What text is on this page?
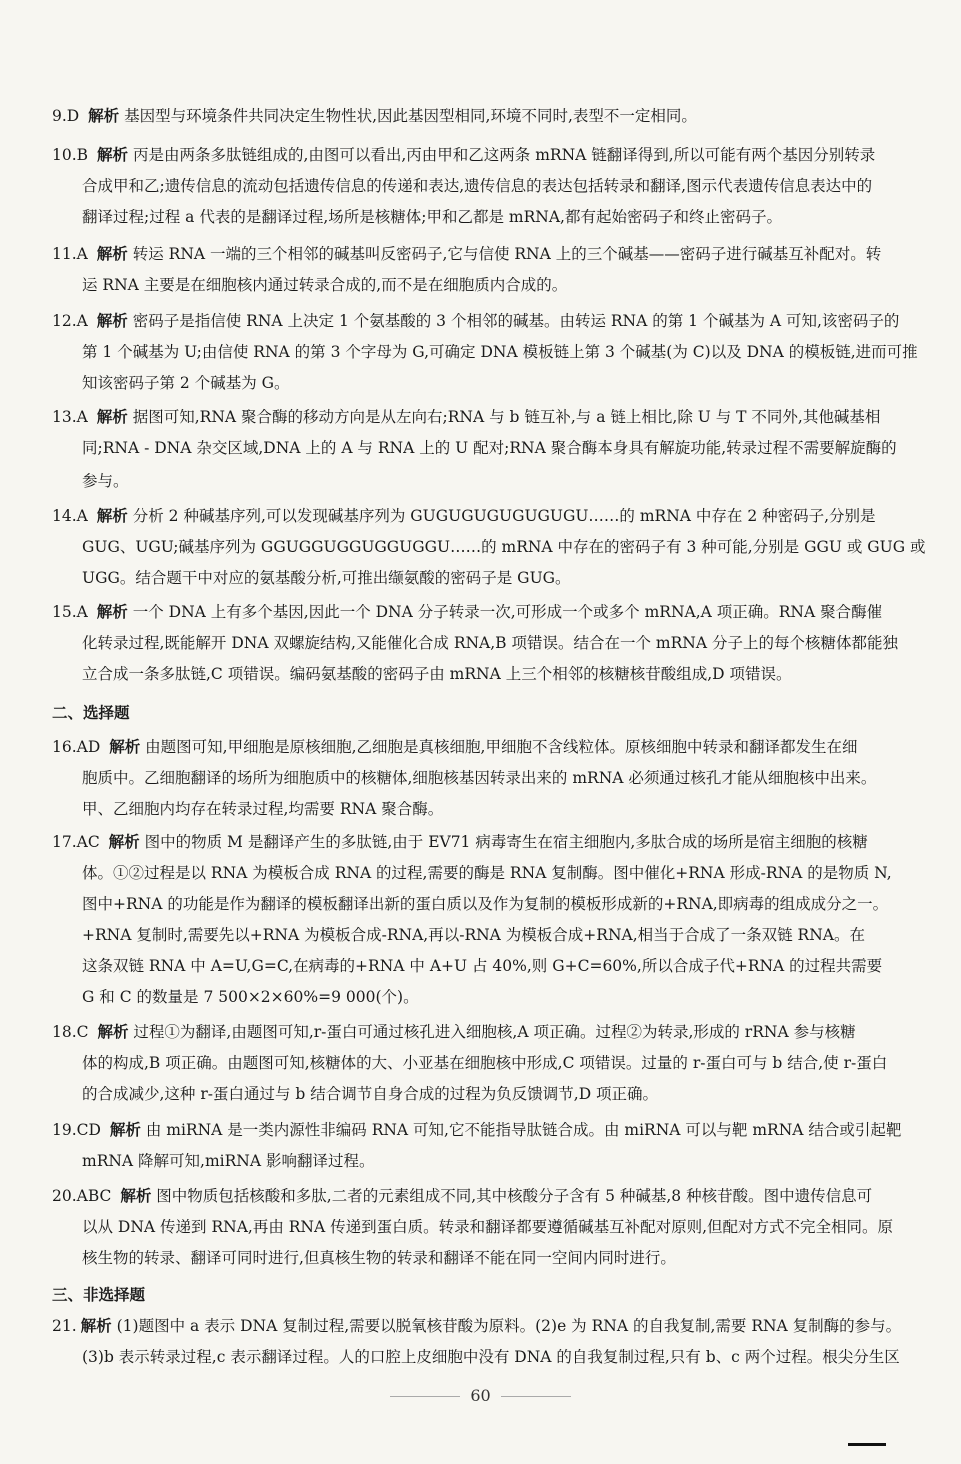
9.D 解析 基因型与环境条件共同决定生物性状,因此基因型相同,环境不同时,表型不一定相同。
10.B 解析 丙是由两条多肽链组成的,由图可以看出,丙由甲和乙这两条 mRNA 链翻译得到,所以可能有两个基因分别转录
合成甲和乙;遗传信息的流动包括遗传信息的传递和表达,遗传信息的表达包括转录和翻译,图示代表遗传信息表达中的
翻译过程;过程 a 代表的是翻译过程,场所是核糖体;甲和乙都是 mRNA,都有起始密码子和终止密码子。
11.A 解析 转运 RNA 一端的三个相邻的碱基叫反密码子,它与信使 RNA 上的三个碱基——密码子进行碱基互补配对。转
运 RNA 主要是在细胞核内通过转录合成的,而不是在细胞质内合成的。
12.A 解析 密码子是指信使 RNA 上决定 1 个氨基酸的 3 个相邻的碱基。由转运 RNA 的第 1 个碱基为 A 可知,该密码子的
第 1 个碱基为 U;由信使 RNA 的第 3 个字母为 G,可确定 DNA 模板链上第 3 个碱基(为 C)以及 DNA 的模板链,进而可推
知该密码子第 2 个碱基为 G。
13.A 解析 据图可知,RNA 聚合酶的移动方向是从左向右;RNA 与 b 链互补,与 a 链上相比,除 U 与 T 不同外,其他碱基相
同;RNA - DNA 杂交区域,DNA 上的 A 与 RNA 上的 U 配对;RNA 聚合酶本身具有解旋功能,转录过程不需要解旋酶的
参与。
14.A 解析 分析 2 种碱基序列,可以发现碱基序列为 GUGUGUGUGUGUGU……的 mRNA 中存在 2 种密码子,分别是
GUG、UGU;碱基序列为 GGUGGUGGUGGUGGU……的 mRNA 中存在的密码子有 3 种可能,分别是 GGU 或 GUG 或
UGG。结合题干中对应的氨基酸分析,可推出缬氨酸的密码子是 GUG。
15.A 解析 一个 DNA 上有多个基因,因此一个 DNA 分子转录一次,可形成一个或多个 mRNA,A 项正确。RNA 聚合酶催
化转录过程,既能解开 DNA 双螺旋结构,又能催化合成 RNA,B 项错误。结合在一个 mRNA 分子上的每个核糖体都能独
立合成一条多肽链,C 项错误。编码氨基酸的密码子由 mRNA 上三个相邻的核糖核苷酸组成,D 项错误。
二、选择题
16.AD 解析 由题图可知,甲细胞是原核细胞,乙细胞是真核细胞,甲细胞不含线粒体。原核细胞中转录和翻译都发生在细
胞质中。乙细胞翻译的场所为细胞质中的核糖体,细胞核基因转录出来的 mRNA 必须通过核孔才能从细胞核中出来。
甲、乙细胞内均存在转录过程,均需要 RNA 聚合酶。
17.AC 解析 图中的物质 M 是翻译产生的多肽链,由于 EV71 病毒寄生在宿主细胞内,多肽合成的场所是宿主细胞的核糖
体。①②过程是以 RNA 为模板合成 RNA 的过程,需要的酶是 RNA 复制酶。图中催化+RNA 形成-RNA 的是物质 N,
图中+RNA 的功能是作为翻译的模板翻译出新的蛋白质以及作为复制的模板形成新的+RNA,即病毒的组成成分之一。
+RNA 复制时,需要先以+RNA 为模板合成-RNA,再以-RNA 为模板合成+RNA,相当于合成了一条双链 RNA。在
这条双链 RNA 中 A=U,G=C,在病毒的+RNA 中 A+U 占 40%,则 G+C=60%,所以合成子代+RNA 的过程共需要
G 和 C 的数量是 7 500×2×60%=9 000(个)。
18.C 解析 过程①为翻译,由题图可知,r-蛋白可通过核孔进入细胞核,A 项正确。过程②为转录,形成的 rRNA 参与核糖
体的构成,B 项正确。由题图可知,核糖体的大、小亚基在细胞核中形成,C 项错误。过量的 r-蛋白可与 b 结合,使 r-蛋白
的合成减少,这种 r-蛋白通过与 b 结合调节自身合成的过程为负反馈调节,D 项正确。
19.CD 解析 由 miRNA 是一类内源性非编码 RNA 可知,它不能指导肽链合成。由 miRNA 可以与靶 mRNA 结合或引起靶
mRNA 降解可知,miRNA 影响翻译过程。
20.ABC 解析 图中物质包括核酸和多肽,二者的元素组成不同,其中核酸分子含有 5 种碱基,8 种核苷酸。图中遗传信息可
以从 DNA 传递到 RNA,再由 RNA 传递到蛋白质。转录和翻译都要遵循碱基互补配对原则,但配对方式不完全相同。原
核生物的转录、翻译可同时进行,但真核生物的转录和翻译不能在同一空间内同时进行。
三、非选择题
21. 解析 (1)题图中 a 表示 DNA 复制过程,需要以脱氧核苷酸为原料。(2)e 为 RNA 的自我复制,需要 RNA 复制酶的参与。
(3)b 表示转录过程,c 表示翻译过程。人的口腔上皮细胞中没有 DNA 的自我复制过程,只有 b、c 两个过程。根尖分生区
60
